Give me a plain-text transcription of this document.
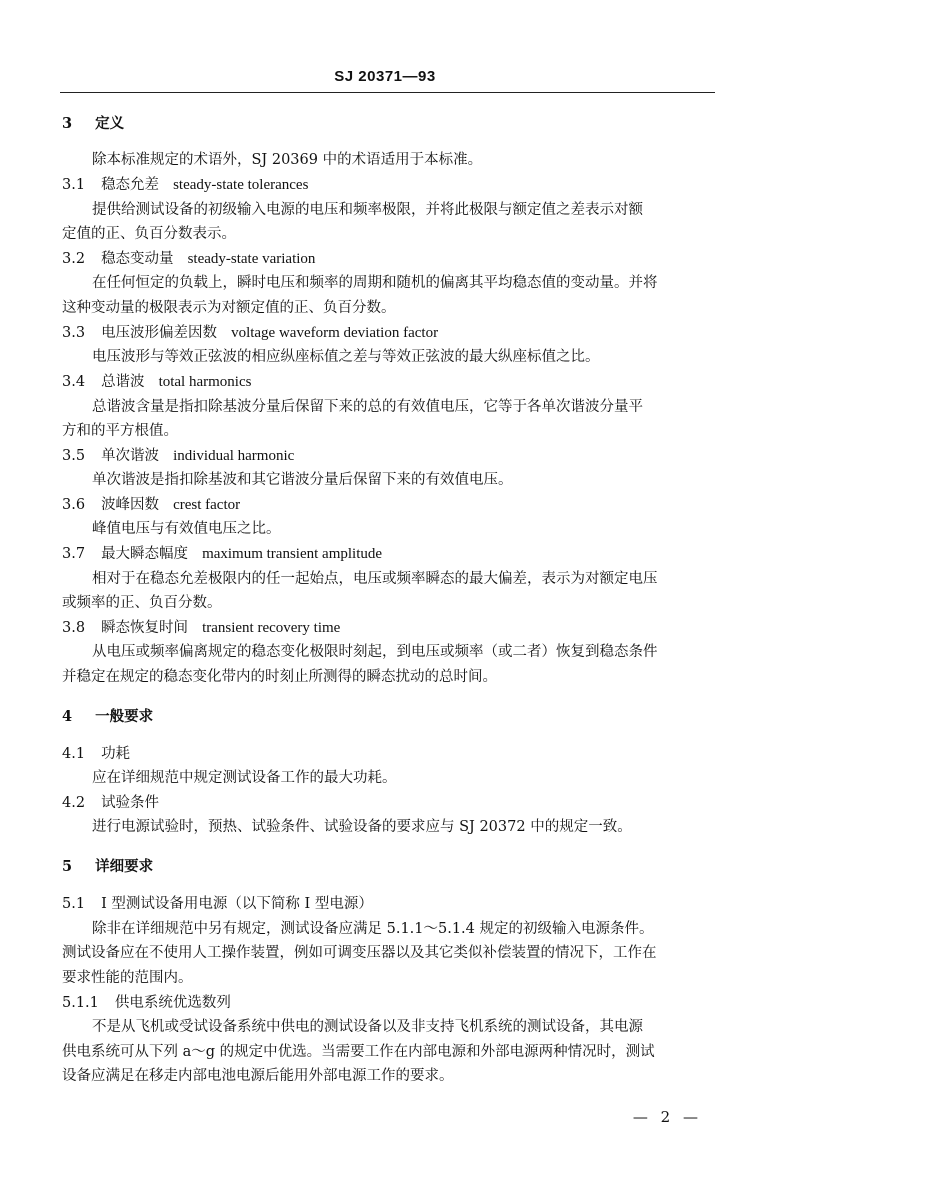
SJ 20371—93
3 定义
除本标准规定的术语外，SJ 20369 中的术语适用于本标准。
3.1 稳态允差 steady-state tolerances
提供给测试设备的初级输入电源的电压和频率极限，并将此极限与额定值之差表示对额
定值的正、负百分数表示。
3.2 稳态变动量 steady-state variation
在任何恒定的负载上，瞬时电压和频率的周期和随机的偏离其平均稳态值的变动量。并将
这种变动量的极限表示为对额定值的正、负百分数。
3.3 电压波形偏差因数 voltage waveform deviation factor
电压波形与等效正弦波的相应纵座标值之差与等效正弦波的最大纵座标值之比。
3.4 总谐波 total harmonics
总谐波含量是指扣除基波分量后保留下来的总的有效值电压，它等于各单次谐波分量平
方和的平方根值。
3.5 单次谐波 individual harmonic
单次谐波是指扣除基波和其它谐波分量后保留下来的有效值电压。
3.6 波峰因数 crest factor
峰值电压与有效值电压之比。
3.7 最大瞬态幅度 maximum transient amplitude
相对于在稳态允差极限内的任一起始点，电压或频率瞬态的最大偏差，表示为对额定电压
或频率的正、负百分数。
3.8 瞬态恢复时间 transient recovery time
从电压或频率偏离规定的稳态变化极限时刻起，到电压或频率（或二者）恢复到稳态条件
并稳定在规定的稳态变化带内的时刻止所测得的瞬态扰动的总时间。
4 一般要求
4.1 功耗
应在详细规范中规定测试设备工作的最大功耗。
4.2 试验条件
进行电源试验时，预热、试验条件、试验设备的要求应与 SJ 20372 中的规定一致。
5 详细要求
5.1 I 型测试设备用电源（以下简称 I 型电源）
除非在详细规范中另有规定，测试设备应满足 5.1.1～5.1.4 规定的初级输入电源条件。
测试设备应在不使用人工操作装置，例如可调变压器以及其它类似补偿装置的情况下，工作在
要求性能的范围内。
5.1.1 供电系统优选数列
不是从飞机或受试设备系统中供电的测试设备以及非支持飞机系统的测试设备，其电源
供电系统可从下列 a～g 的规定中优选。当需要工作在内部电源和外部电源两种情况时，测试
设备应满足在移走内部电池电源后能用外部电源工作的要求。
— 2 —
